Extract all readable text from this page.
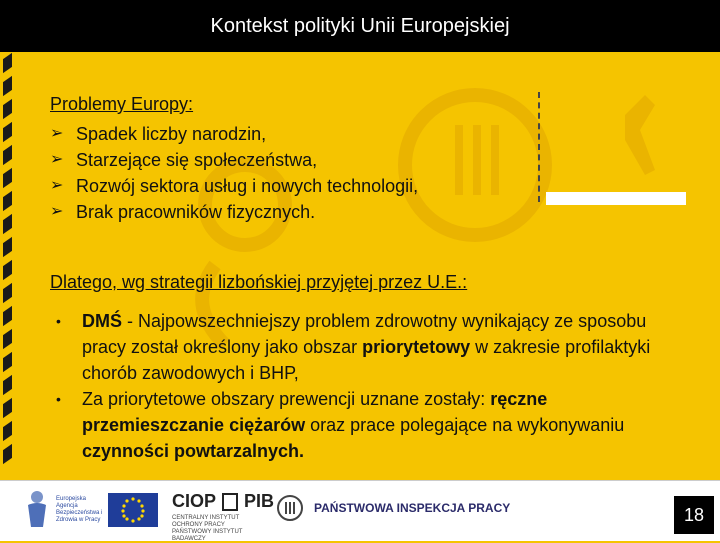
Kontekst polityki Unii Europejskiej
Problemy Europy:
➢ Spadek liczby narodzin,
➢ Starzejące się społeczeństwa,
➢ Rozwój sektora usług i nowych technologii,
➢ Brak pracowników fizycznych.
Dlatego, wg strategii lizbońskiej przyjętej przez U.E.:
•	DMŚ - Najpowszechniejszy problem zdrowotny wynikający ze sposobu pracy został określony jako obszar priorytetowy w zakresie profilaktyki chorób zawodowych i BHP,
•	Za priorytetowe obszary prewencji uznane zostały: ręczne przemieszczanie ciężarów oraz prace polegające na wykonywaniu czynności powtarzalnych.
Europejska Agencja Bezpieczeństwa i Zdrowia w Pracy
CIOP PIB
CENTRALNY INSTYTUT OCHRONY PRACY PAŃSTWOWY INSTYTUT BADAWCZY
PAŃSTWOWA INSPEKCJA PRACY	18
